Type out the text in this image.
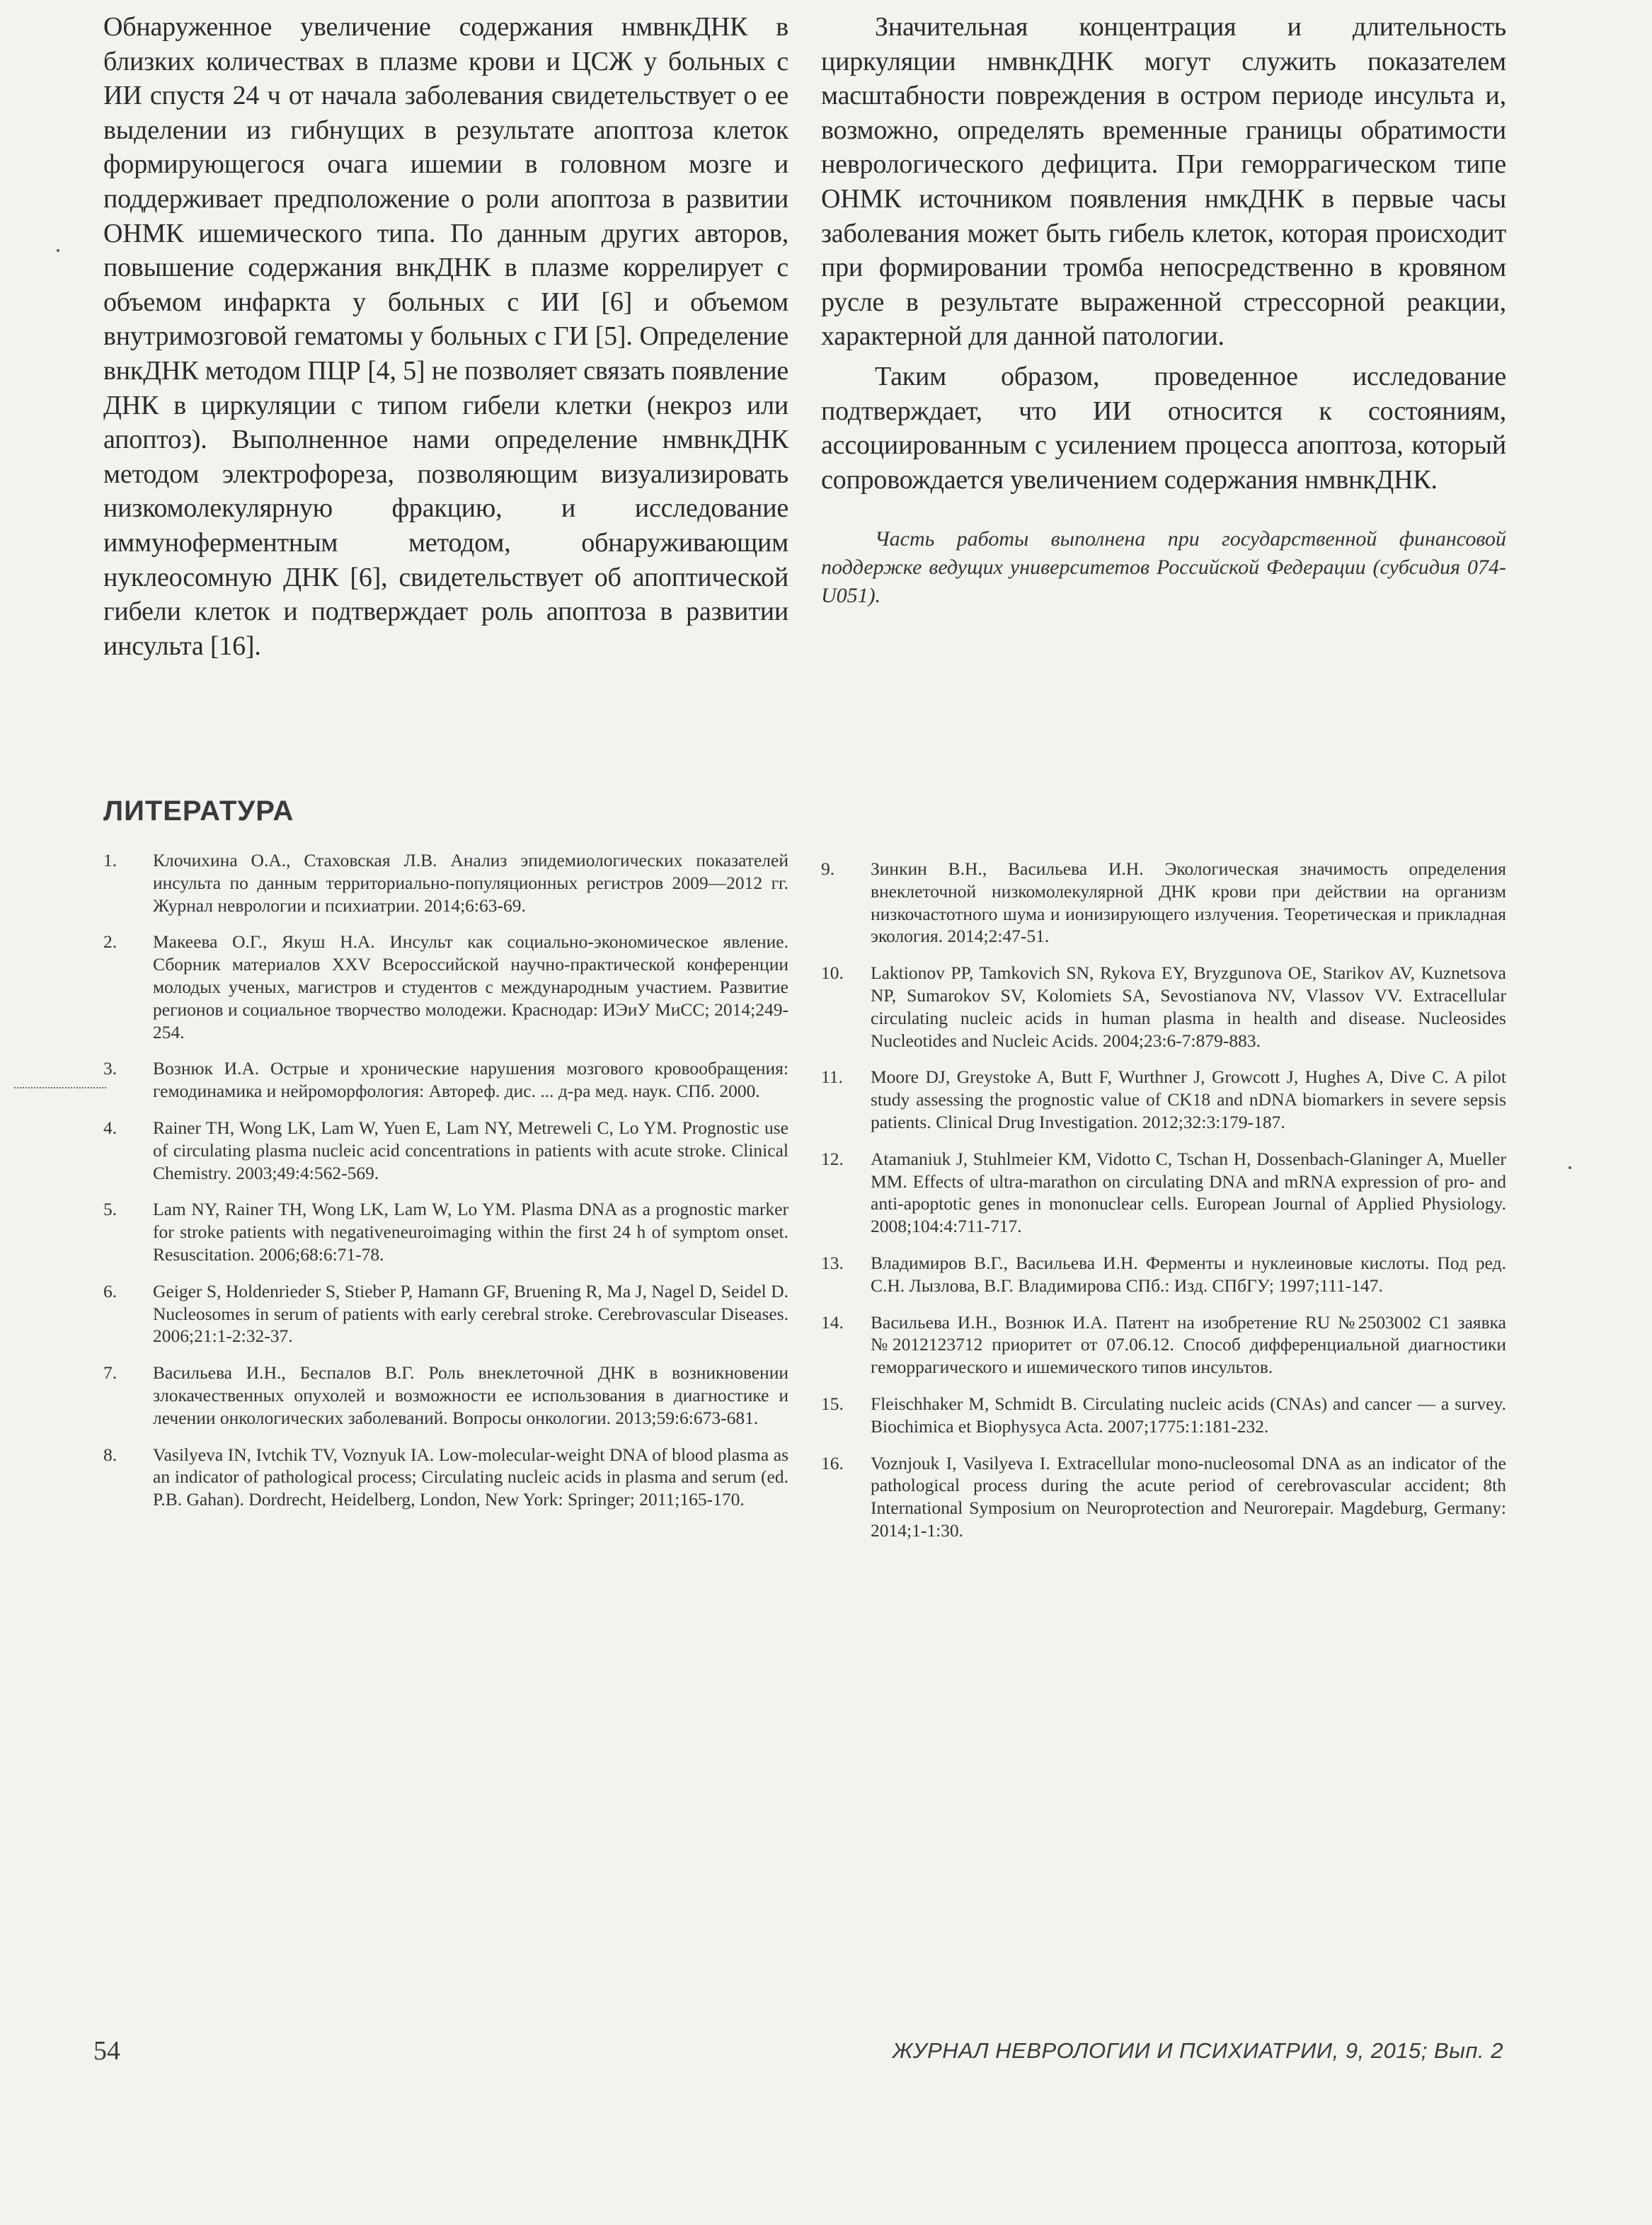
Обнаруженное увеличение содержания нмвнкДНК в близких количествах в плазме крови и ЦСЖ у больных с ИИ спустя 24 ч от начала заболевания свидетельствует о ее выделении из гибнущих в результате апоптоза клеток формирующегося очага ишемии в головном мозге и поддерживает предположение о роли апоптоза в развитии ОНМК ишемического типа. По данным других авторов, повышение содержания внкДНК в плазме коррелирует с объемом инфаркта у больных с ИИ [6] и объемом внутримозговой гематомы у больных с ГИ [5]. Определение внкДНК методом ПЦР [4, 5] не позволяет связать появление ДНК в циркуляции с типом гибели клетки (некроз или апоптоз). Выполненное нами определение нмвнкДНК методом электрофореза, позволяющим визуализировать низкомолекулярную фракцию, и исследование иммуноферментным методом, обнаруживающим нуклеосомную ДНК [6], свидетельствует об апоптической гибели клеток и подтверждает роль апоптоза в развитии инсульта [16].

Значительная концентрация и длительность циркуляции нмвнкДНК могут служить показателем масштабности повреждения в остром периоде инсульта и, возможно, определять временные границы обратимости неврологического дефицита. При геморрагическом типе ОНМК источником появления нмкДНК в первые часы заболевания может быть гибель клеток, которая происходит при формировании тромба непосредственно в кровяном русле в результате выраженной стрессорной реакции, характерной для данной патологии.

Таким образом, проведенное исследование подтверждает, что ИИ относится к состояниям, ассоциированным с усилением процесса апоптоза, который сопровождается увеличением содержания нмвнкДНК.

Часть работы выполнена при государственной финансовой поддержке ведущих университетов Российской Федерации (субсидия 074-U051).

ЛИТЕРАТУРА
1.	Клочихина О.А., Стаховская Л.В. Анализ эпидемиологических показателей инсульта по данным территориально-популяционных регистров 2009—2012 гг. Журнал неврологии и психиатрии. 2014;6:63-69.
2.	Макеева О.Г., Якуш Н.А. Инсульт как социально-экономическое явление. Сборник материалов XXV Всероссийской научно-практической конференции молодых ученых, магистров и студентов с международным участием. Развитие регионов и социальное творчество молодежи. Краснодар: ИЭиУ МиСС; 2014;249-254.
3.	Вознюк И.А. Острые и хронические нарушения мозгового кровообращения: гемодинамика и нейроморфология: Автореф. дис. ... д-ра мед. наук. СПб. 2000.
4.	Rainer TH, Wong LK, Lam W, Yuen E, Lam NY, Metreweli C, Lo YM. Prognostic use of circulating plasma nucleic acid concentrations in patients with acute stroke. Clinical Chemistry. 2003;49:4:562-569.
5.	Lam NY, Rainer TH, Wong LK, Lam W, Lo YM. Plasma DNA as a prognostic marker for stroke patients with negativeneuroimaging within the first 24 h of symptom onset. Resuscitation. 2006;68:6:71-78.
6.	Geiger S, Holdenrieder S, Stieber P, Hamann GF, Bruening R, Ma J, Nagel D, Seidel D. Nucleosomes in serum of patients with early cerebral stroke. Cerebrovascular Diseases. 2006;21:1-2:32-37.
7.	Васильева И.Н., Беспалов В.Г. Роль внеклеточной ДНК в возникновении злокачественных опухолей и возможности ее использования в диагностике и лечении онкологических заболеваний. Вопросы онкологии. 2013;59:6:673-681.
8.	Vasilyeva IN, Ivtchik TV, Voznyuk IA. Low-molecular-weight DNA of blood plasma as an indicator of pathological process; Circulating nucleic acids in plasma and serum (ed. P.B. Gahan). Dordrecht, Heidelberg, London, New York: Springer; 2011;165-170.
9.	Зинкин В.Н., Васильева И.Н. Экологическая значимость определения внеклеточной низкомолекулярной ДНК крови при действии на организм низкочастотного шума и ионизирующего излучения. Теоретическая и прикладная экология. 2014;2:47-51.
10.	Laktionov PP, Tamkovich SN, Rykova EY, Bryzgunova OE, Starikov AV, Kuznetsova NP, Sumarokov SV, Kolomiets SA, Sevostianova NV, Vlassov VV. Extracellular circulating nucleic acids in human plasma in health and disease. Nucleosides Nucleotides and Nucleic Acids. 2004;23:6-7:879-883.
11.	Moore DJ, Greystoke A, Butt F, Wurthner J, Growcott J, Hughes A, Dive C. A pilot study assessing the prognostic value of CK18 and nDNA biomarkers in severe sepsis patients. Clinical Drug Investigation. 2012;32:3:179-187.
12.	Atamaniuk J, Stuhlmeier KM, Vidotto C, Tschan H, Dossenbach-Glaninger A, Mueller MM. Effects of ultra-marathon on circulating DNA and mRNA expression of pro- and anti-apoptotic genes in mononuclear cells. European Journal of Applied Physiology. 2008;104:4:711-717.
13.	Владимиров В.Г., Васильева И.Н. Ферменты и нуклеиновые кислоты. Под ред. С.Н. Лызлова, В.Г. Владимирова СПб.: Изд. СПбГУ; 1997;111-147.
14.	Васильева И.Н., Вознюк И.А. Патент на изобретение RU №2503002 C1 заявка №2012123712 приоритет от 07.06.12. Способ дифференциальной диагностики геморрагического и ишемического типов инсультов.
15.	Fleischhaker M, Schmidt B. Circulating nucleic acids (CNAs) and cancer — a survey. Biochimica et Biophysyca Acta. 2007;1775:1:181-232.
16.	Voznjouk I, Vasilyeva I. Extracellular mono-nucleosomal DNA as an indicator of the pathological process during the acute period of cerebrovascular accident; 8th International Symposium on Neuroprotection and Neurorepair. Magdeburg, Germany: 2014;1-1:30.
54	ЖУРНАЛ НЕВРОЛОГИИ И ПСИХИАТРИИ, 9, 2015; Вып. 2
